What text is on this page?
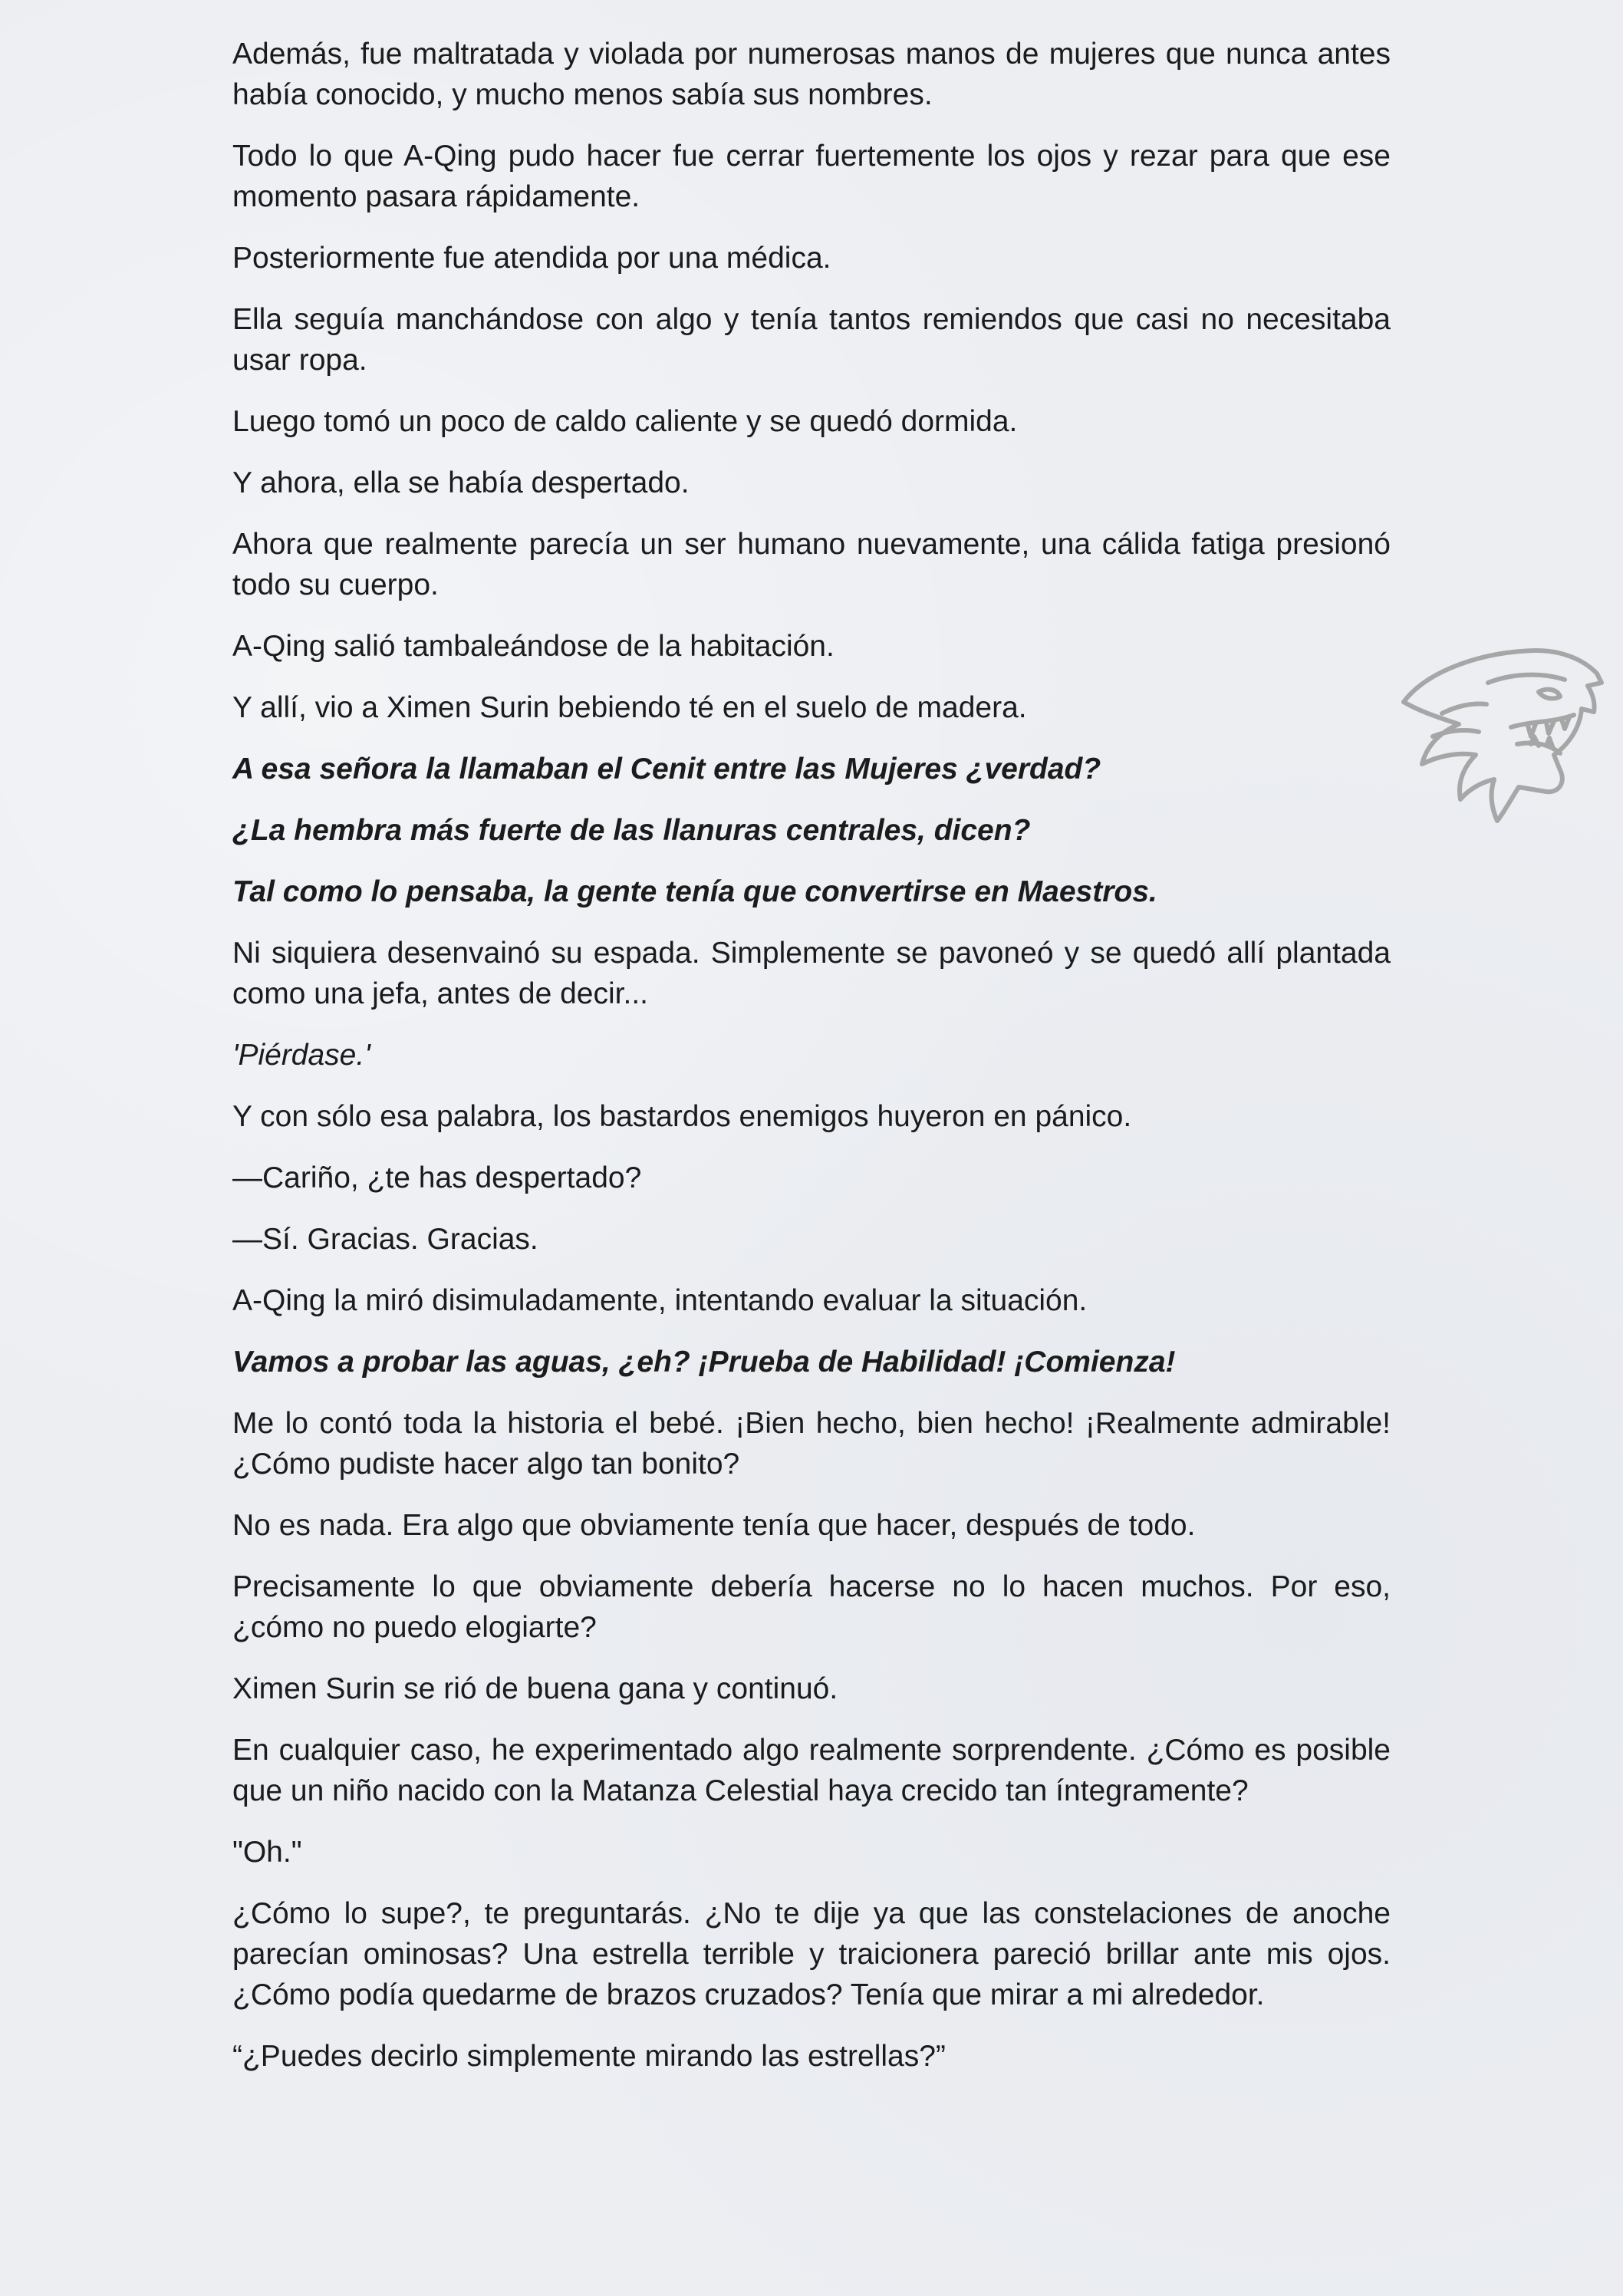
Además, fue maltratada y violada por numerosas manos de mujeres que nunca antes había conocido, y mucho menos sabía sus nombres.

Todo lo que A-Qing pudo hacer fue cerrar fuertemente los ojos y rezar para que ese momento pasara rápidamente.

Posteriormente fue atendida por una médica.

Ella seguía manchándose con algo y tenía tantos remiendos que casi no necesitaba usar ropa.

Luego tomó un poco de caldo caliente y se quedó dormida.

Y ahora, ella se había despertado.

Ahora que realmente parecía un ser humano nuevamente, una cálida fatiga presionó todo su cuerpo.

A-Qing salió tambaleándose de la habitación.

Y allí, vio a Ximen Surin bebiendo té en el suelo de madera.

A esa señora la llamaban el Cenit entre las Mujeres ¿verdad?

¿La hembra más fuerte de las llanuras centrales, dicen?

Tal como lo pensaba, la gente tenía que convertirse en Maestros.

Ni siquiera desenvainó su espada. Simplemente se pavoneó y se quedó allí plantada como una jefa, antes de decir...

'Piérdase.'

Y con sólo esa palabra, los bastardos enemigos huyeron en pánico.

—Cariño, ¿te has despertado?

—Sí. Gracias. Gracias.

A-Qing la miró disimuladamente, intentando evaluar la situación.

Vamos a probar las aguas, ¿eh? ¡Prueba de Habilidad! ¡Comienza!

Me lo contó toda la historia el bebé. ¡Bien hecho, bien hecho! ¡Realmente admirable! ¿Cómo pudiste hacer algo tan bonito?

No es nada. Era algo que obviamente tenía que hacer, después de todo.

Precisamente lo que obviamente debería hacerse no lo hacen muchos. Por eso, ¿cómo no puedo elogiarte?

Ximen Surin se rió de buena gana y continuó.

En cualquier caso, he experimentado algo realmente sorprendente. ¿Cómo es posible que un niño nacido con la Matanza Celestial haya crecido tan íntegramente?

"Oh."

¿Cómo lo supe?, te preguntarás. ¿No te dije ya que las constelaciones de anoche parecían ominosas? Una estrella terrible y traicionera pareció brillar ante mis ojos. ¿Cómo podía quedarme de brazos cruzados? Tenía que mirar a mi alrededor.

“¿Puedes decirlo simplemente mirando las estrellas?”
